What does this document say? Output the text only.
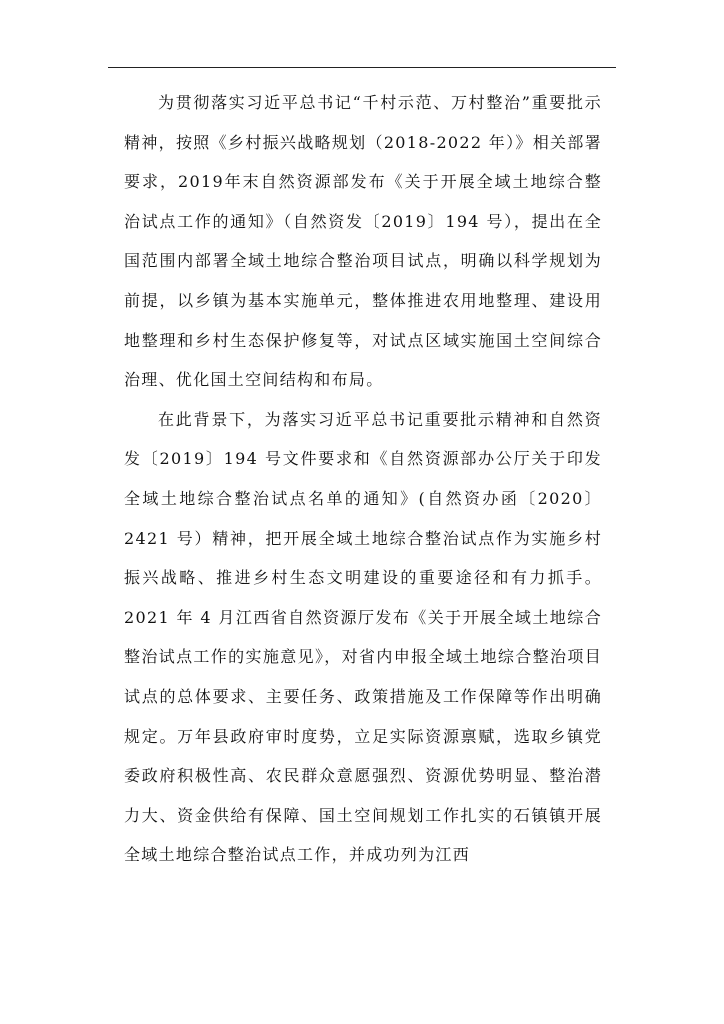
为贯彻落实习近平总书记“千村示范、万村整治”重要批示精神，按照《乡村振兴战略规划（2018-2022 年）》相关部署要求，2019年末自然资源部发布《关于开展全域土地综合整治试点工作的通知》（自然资发〔2019〕194 号），提出在全国范围内部署全域土地综合整治项目试点，明确以科学规划为前提，以乡镇为基本实施单元，整体推进农用地整理、建设用地整理和乡村生态保护修复等，对试点区域实施国土空间综合治理、优化国土空间结构和布局。

在此背景下，为落实习近平总书记重要批示精神和自然资发〔2019〕194 号文件要求和《自然资源部办公厅关于印发全域土地综合整治试点名单的通知》(自然资办函〔2020〕2421 号）精神，把开展全域土地综合整治试点作为实施乡村振兴战略、推进乡村生态文明建设的重要途径和有力抓手。2021 年 4 月江西省自然资源厅发布《关于开展全域土地综合整治试点工作的实施意见》，对省内申报全域土地综合整治项目试点的总体要求、主要任务、政策措施及工作保障等作出明确规定。万年县政府审时度势，立足实际资源禀赋，选取乡镇党委政府积极性高、农民群众意愿强烈、资源优势明显、整治潜力大、资金供给有保障、国土空间规划工作扎实的石镇镇开展全域土地综合整治试点工作，并成功列为江西
